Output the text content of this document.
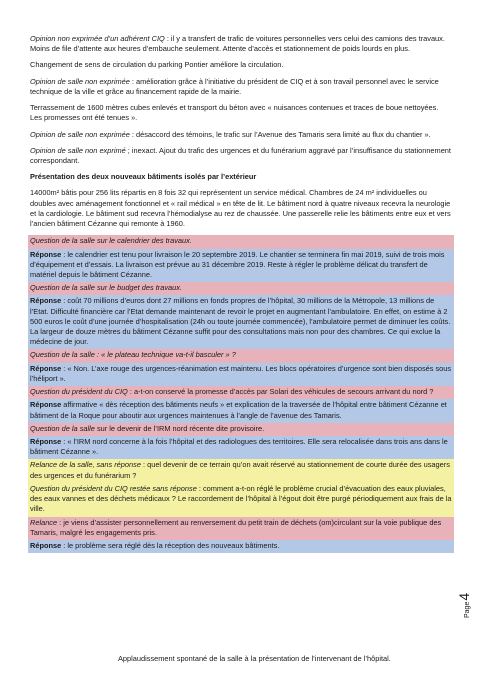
Opinion non exprimée d’un adhérent CIQ : il y a transfert de trafic de voitures personnelles vers celui des camions des travaux. Moins de file d’attente aux heures d’embauche seulement. Attente d’accès et stationnement de poids lourds en plus.

Changement de sens de circulation du parking Pontier améliore la circulation.

Opinion de salle non exprimée : amélioration grâce à l’initiative du président de CIQ et à son travail personnel avec le service technique de la ville et grâce au financement rapide de la mairie.

Terrassement de 1600 mètres cubes enlevés et transport du béton avec « nuisances contenues et traces de boue nettoyées. Les promesses ont été tenues ».

Opinion de salle non exprimée : désaccord des témoins, le trafic sur l’Avenue des Tamaris sera limité au flux du chantier ».

Opinion de salle non exprimé ; inexact. Ajout du trafic des urgences et du funérarium aggravé par l’insuffisance du stationnement correspondant.

Présentation des deux nouveaux bâtiments isolés par l’extérieur

14000m² bâtis pour 256 lits répartis en 8 fois 32 qui représentent un service médical. Chambres de 24 m² individuelles ou doubles avec aménagement fonctionnel et « rail médical » en tête de lit. Le bâtiment nord à quatre niveaux recevra la neurologie et la cardiologie. Le bâtiment sud recevra l’hémodialyse au rez de chaussée. Une passerelle relie les bâtiments entre eux et vers l’ancien bâtiment Cézanne qui remonte à 1960.

Question de la salle sur le calendrier des travaux.

Réponse : le calendrier est tenu pour livraison le 20 septembre 2019. Le chantier se terminera fin mai 2019, suivi de trois mois d’équipement et d’essais. La livraison est prévue au 31 décembre 2019. Reste à régler le problème délicat du transfert de matériel depuis le bâtiment Cézanne.

Question de la salle sur le budget des travaux.

Réponse : coût 70 millions d’euros dont 27 millions en fonds propres de l’hôpital, 30 millions de la Métropole, 13 millions de l’Etat. Difficulté financière car l’Etat demande maintenant de revoir le projet en augmentant l’ambulatoire. En effet, on estime à 2 500 euros le coût d’une journée d’hospitalisation (24h ou toute journée commencée), l’ambulatoire permet de diminuer les coûts. La largeur de douze mètres du bâtiment Cézanne suffit pour des consultations mais non pour des chambres. Ce qui exclue la médecine de jour.

Question de la salle : « le plateau technique va-t-il basculer » ?

Réponse : « Non. L’axe rouge des urgences-réanimation est maintenu. Les blocs opératoires d’urgence sont bien disposés sous l’héliport ».

Question du président du CIQ : a-t-on conservé la promesse d’accès par Solari des véhicules de secours arrivant du nord ?

Réponse affirmative « dès réception des bâtiments neufs » et explication de la traversée de l’hôpital entre bâtiment Cézanne et bâtiment de la Roque pour aboutir aux urgences maintenues à l’angle de l’avenue des Tamaris.

Question de la salle sur le devenir de l’IRM nord récente dite provisoire.

Réponse : « l’IRM nord concerne à la fois l’hôpital et des radiologues des territoires. Elle sera relocalisée dans trois ans dans le bâtiment Cézanne ».

Relance de la salle, sans réponse : quel devenir de ce terrain qu’on avait réservé au stationnement de courte durée des usagers des urgences et du funérarium ?

Question du président du CIQ restée sans réponse : comment a-t-on réglé le problème crucial d’évacuation des eaux pluviales, des eaux vannes et des déchets médicaux ? Le raccordement de l’hôpital à l’égout doit être purgé périodiquement aux frais de la ville.

Relance : je viens d’assister personnellement au renversement du petit train de déchets (om)circulant sur la voie publique des Tamaris, malgré les engagements pris.

Réponse : le problème sera réglé dès la réception des nouveaux bâtiments.

Applaudissement spontané de la salle à la présentation de l’intervenant de l’hôpital.
Page4
